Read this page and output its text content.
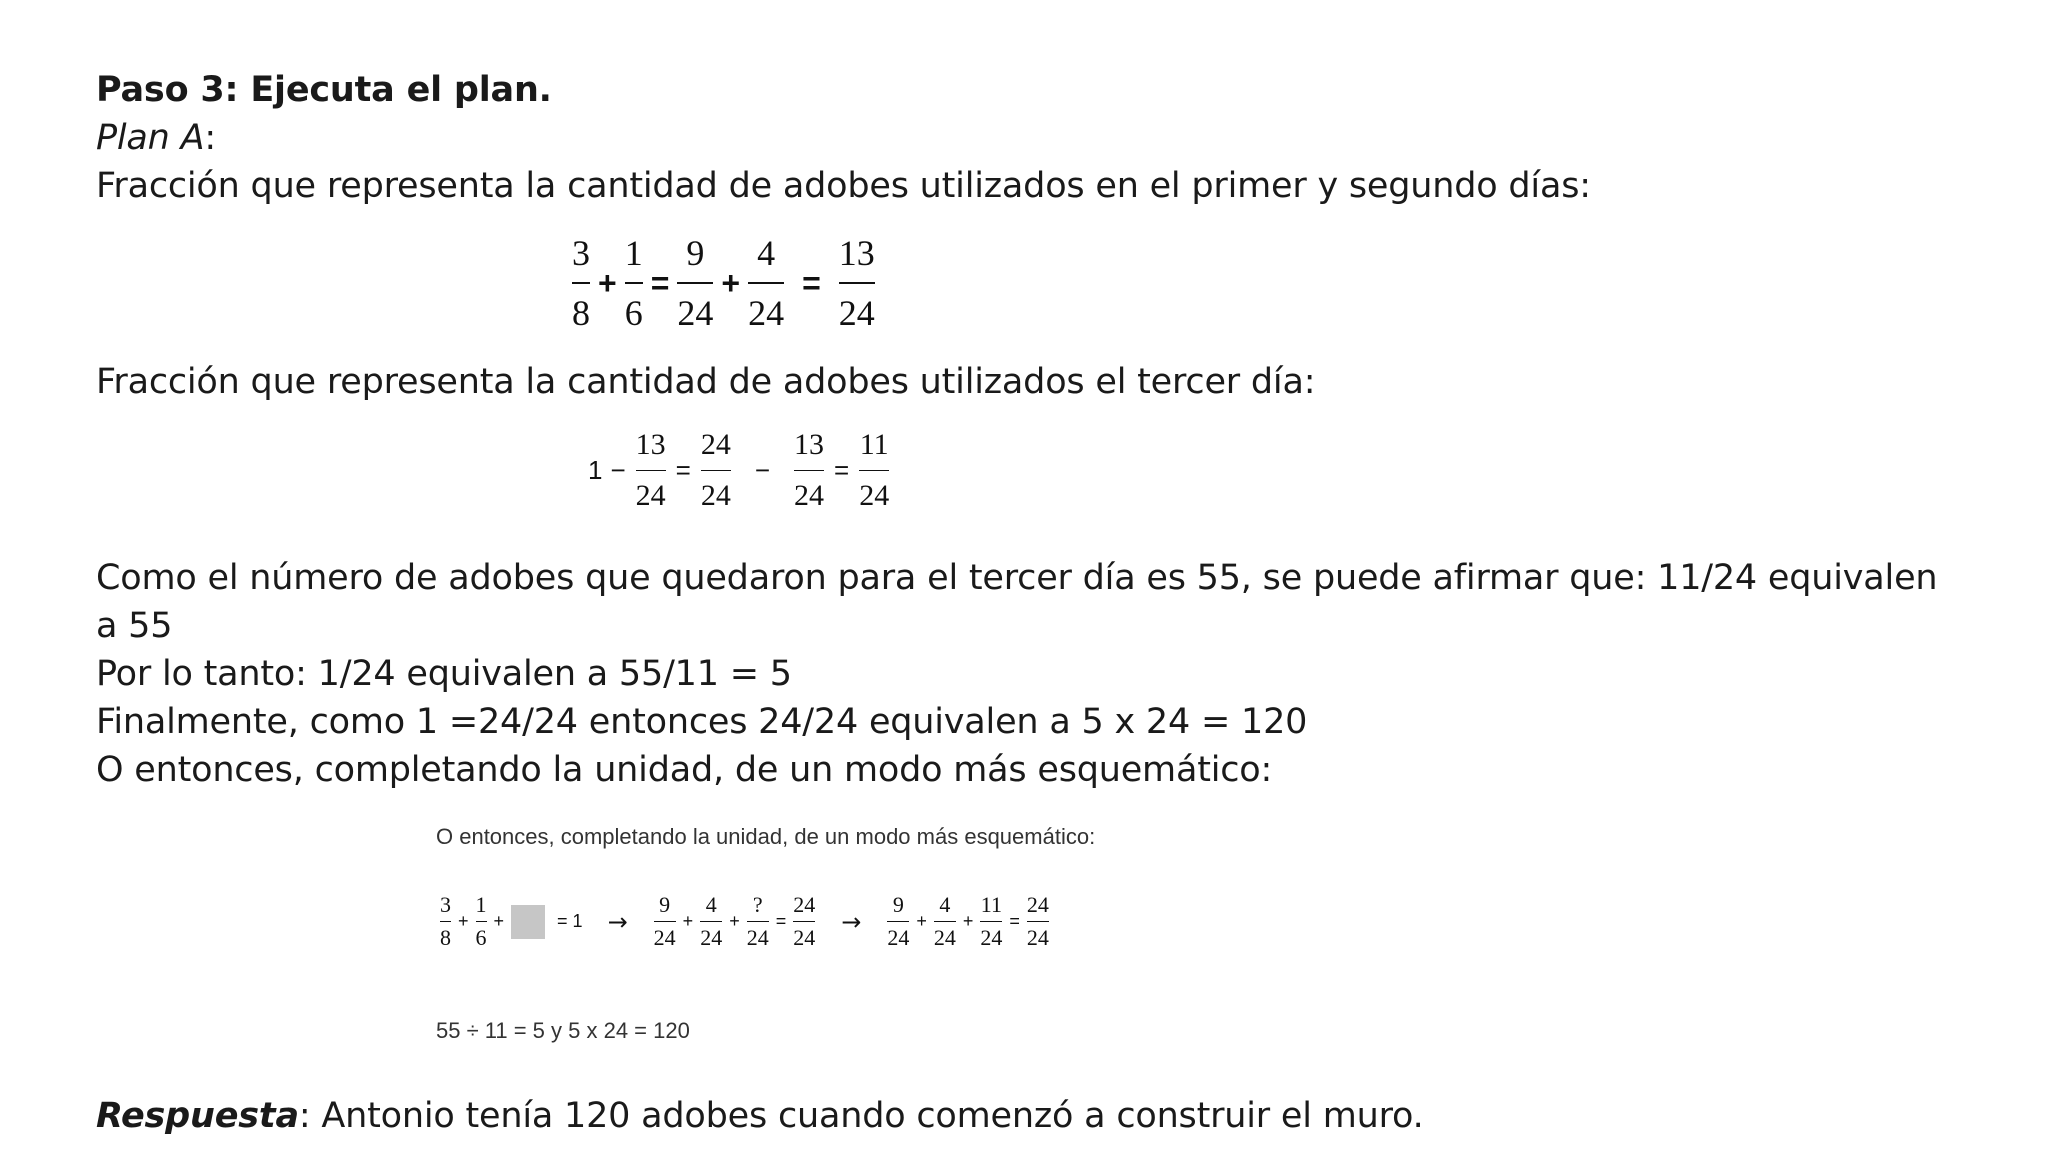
Paso 3: Ejecuta el plan.
Plan A:
Fracción que representa la cantidad de adobes utilizados en el primer y segundo días:
$\frac{3}{8} + \frac{1}{6} = \frac{9}{24} + \frac{4}{24} = \frac{13}{24}$
Fracción que representa la cantidad de adobes utilizados el tercer día:
$1 - \frac{13}{24} = \frac{24}{24} - \frac{13}{24} = \frac{11}{24}$
Como el número de adobes que quedaron para el tercer día es 55, se puede afirmar que: 11/24 equivalen
a 55
Por lo tanto: 1/24 equivalen a 55/11 = 5
Finalmente, como 1 =24/24 entonces 24/24 equivalen a 5 x 24 = 120
O entonces, completando la unidad, de un modo más esquemático:
O entonces, completando la unidad, de un modo más esquemático:
$\frac{3}{8} + \frac{1}{6}$ +	= 1	→	$\frac{9}{24} + \frac{4}{24} + \frac{?}{24} = \frac{24}{24}$ →	$\frac{9}{24} + \frac{4}{24} + \frac{11}{24} = \frac{24}{24}$
55 ÷ 11 = 5 y 5 x 24 = 120
Respuesta: Antonio tenía 120 adobes cuando comenzó a construir el muro.
